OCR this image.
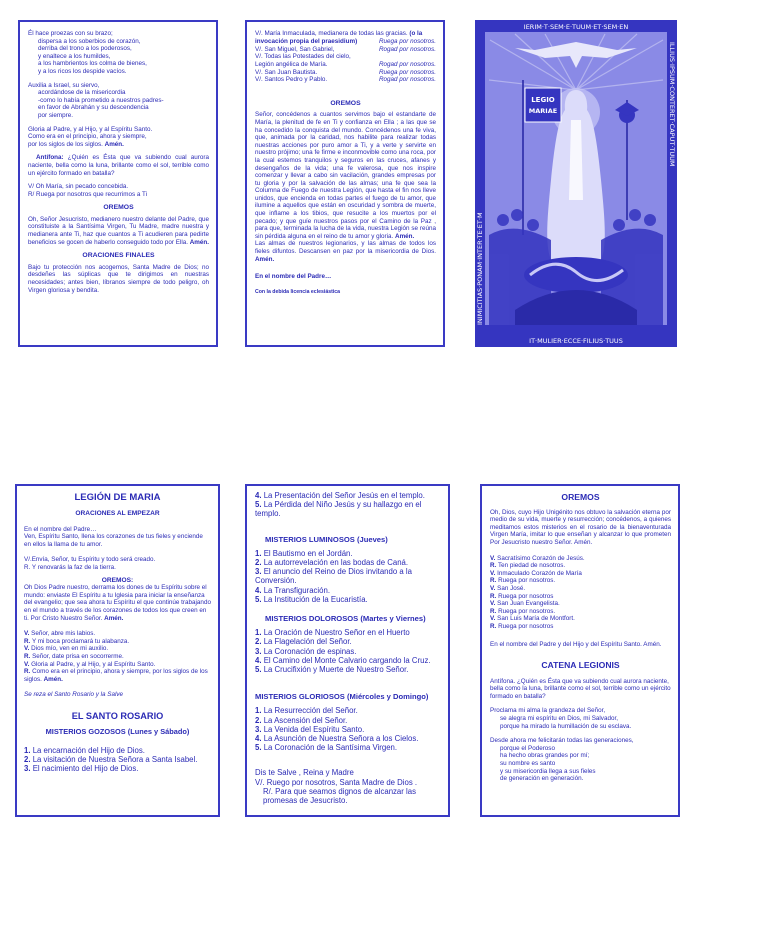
Él hace proezas con su brazo;

dispersa a los soberbios de corazón,

derriba del trono a los poderosos,

y enaltece a los humildes,

a los hambrientos los colma de bienes,

y a los ricos los despide vacíos.

Auxilia a Israel, su siervo,

acordándose de la misericordia

-como lo había prometido a nuestros padres-

en favor de Abrahán y su descendencia

por siempre.

Gloria al Padre, y al Hijo, y al Espíritu Santo.

Como era en el principio, ahora y siempre,

por los siglos de los siglos. Amén.

Antífona: ¿Quién es Ésta que va subiendo cual aurora naciente, bella como la luna, brillante como el sol, terrible como un ejército formado en batalla?

V/ Oh María, sin pecado concebida.

R/ Ruega por nosotros que recurrimos a Ti

OREMOS

Oh, Señor Jesucristo, medianero nuestro delante del Padre, que constituiste a la Santísima Virgen, Tu Madre, madre nuestra y medianera ante Ti, haz que cuantos a Ti acudieren para pedirte beneficios se gocen de haberlo conseguido todo por Ella. Amén.

ORACIONES FINALES

Bajo tu protección nos acogemos, Santa Madre de Dios; no desdeñes las súplicas que te dirigimos en nuestras necesidades; antes bien, líbranos siempre de todo peligro, oh Virgen gloriosa y bendita.

V/. María Inmaculada, medianera de todas las gracias. (o la invocación propia del praesidium)	Ruega por nosotros.
V/. San Miguel, San Gabriel,	Rogad por nosotros.
V/. Todas las Potestades del cielo,
Legión angélica de María.	Rogad por nosotros.
V/. San Juan Bautista.	Ruega por nosotros.
V/. Santos Pedro y Pablo.	Rogad por nosotros.
OREMOS

Señor, concédenos a cuantos servimos bajo el estandarte de María, la plenitud de fe en Ti y confianza en Ella ; a las que se ha concedido la conquista del mundo. Concédenos una fe viva, que, animada por la caridad, nos habilite para realizar todas nuestras acciones por puro amor a Ti, y a verte y servirte en nuestro prójimo; una fe firme e inconmovible como una roca, por la cual estemos tranquilos y seguros en las cruces, afanes y desengaños de la vida; una fe valerosa, que nos inspire comenzar y llevar a cabo sin vacilación, grandes empresas por tu gloria y por la salvación de las almas; una fe que sea la Columna de Fuego de nuestra Legión, que hasta el fin nos lleve unidos, que encienda en todas partes el fuego de tu amor, que ilumine a aquellos que están en oscuridad y sombra de muerte, que inflame a los tibios, que resucite a los muertos por el pecado; y que guíe nuestros pasos por el Camino de la Paz , para que, terminada la lucha de la vida, nuestra Legión se reúna sin pérdida alguna en el reino de tu amor y gloria. Amén.

Las almas de nuestros legionarios, y las almas de todos los fieles difuntos. Descansen en paz por la misericordia de Dios. Amén.

En el nombre del Padre…

Con la debida licencia eclesiástica

IERIM·T·SEM·E·TUUM·ET·SEM·EN
IT·MULIER·ECCE·FILIUS·TUUS
INIMICITIAS·PONAM·INTER·TE·ET·M
ILLIUS·IPSUM·CONTERET·CAPUT·TUUM
LEGIO
MARIAE
LEGIÓN DE MARIA
ORACIONES AL EMPEZAR

En el nombre del Padre…

Ven, Espíritu Santo, llena los corazones de tus fieles y enciende en ellos la llama de tu amor.

V/.Envía, Señor, tu Espíritu y todo será creado.

R. Y renovarás la faz de la tierra.

OREMOS:

Oh Dios Padre nuestro, derrama los dones de tu Espíritu sobre el mundo: enviaste El Espíritu a tu Iglesia para iniciar la enseñanza del evangelio; que sea ahora tu Espíritu el que continúe trabajando en el mundo a través de los corazones de todos los que creen en ti. Por Cristo Nuestro Señor. Amén.

V. Señor, abre mis labios.

R. Y mi boca proclamará tu alabanza.

V. Dios mío, ven en mi auxilio.

R. Señor, date prisa en socorrerme.

V. Gloria al Padre, y al Hijo, y al Espíritu Santo.

R. Como era en el principio, ahora y siempre, por los siglos de los siglos. Amén.

Se reza el Santo Rosario y la Salve

EL SANTO ROSARIO
MISTERIOS GOZOSOS (Lunes y Sábado)

1. La encarnación del Hijo de Dios.

2. La visitación de Nuestra Señora a Santa Isabel.

3. El nacimiento del Hijo de Dios.

4. La Presentación del Señor Jesús en el templo.

5. La Pérdida del Niño Jesús y su hallazgo en el templo.

MISTERIOS LUMINOSOS (Jueves)

1. El Bautismo en el Jordán.

2. La autorrevelación en las bodas de Caná.

3. El anuncio del Reino de Dios invitando a la Conversión.

4. La Transfiguración.

5. La Institución de la Eucaristía.

MISTERIOS DOLOROSOS (Martes y Viernes)

1. La Oración de Nuestro Señor en el Huerto

2. La Flagelación del Señor.

3. La Coronación de espinas.

4. El Camino del Monte Calvario cargando la Cruz.

5. La Crucifixión y Muerte de Nuestro Señor.

MISTERIOS GLORIOSOS (Miércoles y Domingo)

1. La Resurrección del Señor.

2. La Ascensión del Señor.

3. La Venida del Espíritu Santo.

4. La Asunción de Nuestra Señora a los Cielos.

5. La Coronación de la Santísima Virgen.

Dis te Salve , Reina y Madre

V/. Ruego por nosotros, Santa Madre de Dios .

R/. Para que seamos dignos de alcanzar las promesas de Jesucristo.

OREMOS

Oh, Dios, cuyo Hijo Unigénito nos obtuvo la salvación eterna por medio de su vida, muerte y resurrección; concédenos, a quienes meditamos estos misterios en el rosario de la bienaventurada Virgen María, imitar lo que enseñan y alcanzar lo que prometen Por Jesucristo nuestro Señor. Amén.

V. Sacratísimo Corazón de Jesús.

R. Ten piedad de nosotros.

V. Inmaculado Corazón de María

R. Ruega por nosotros.

V. San José.

R. Ruega por nosotros

V. San Juan Evangelista.

R. Ruega por nosotros.

V. San Luis María de Montfort.

R. Ruega por nosotros

En el nombre del Padre y del Hijo y del Espíritu Santo. Amén.

CATENA LEGIONIS

Antífona. ¿Quién es Ésta que va subiendo cual aurora naciente, bella como la luna, brillante como el sol, terrible como un ejército formado en batalla?

Proclama mi alma la grandeza del Señor,

se alegra mi espíritu en Dios, mi Salvador,

porque ha mirado la humillación de su esclava.

Desde ahora me felicitarán todas las generaciones,

porque el Poderoso

ha hecho obras grandes por mí;

su nombre es santo

y su misericordia llega a sus fieles

de generación en generación.
